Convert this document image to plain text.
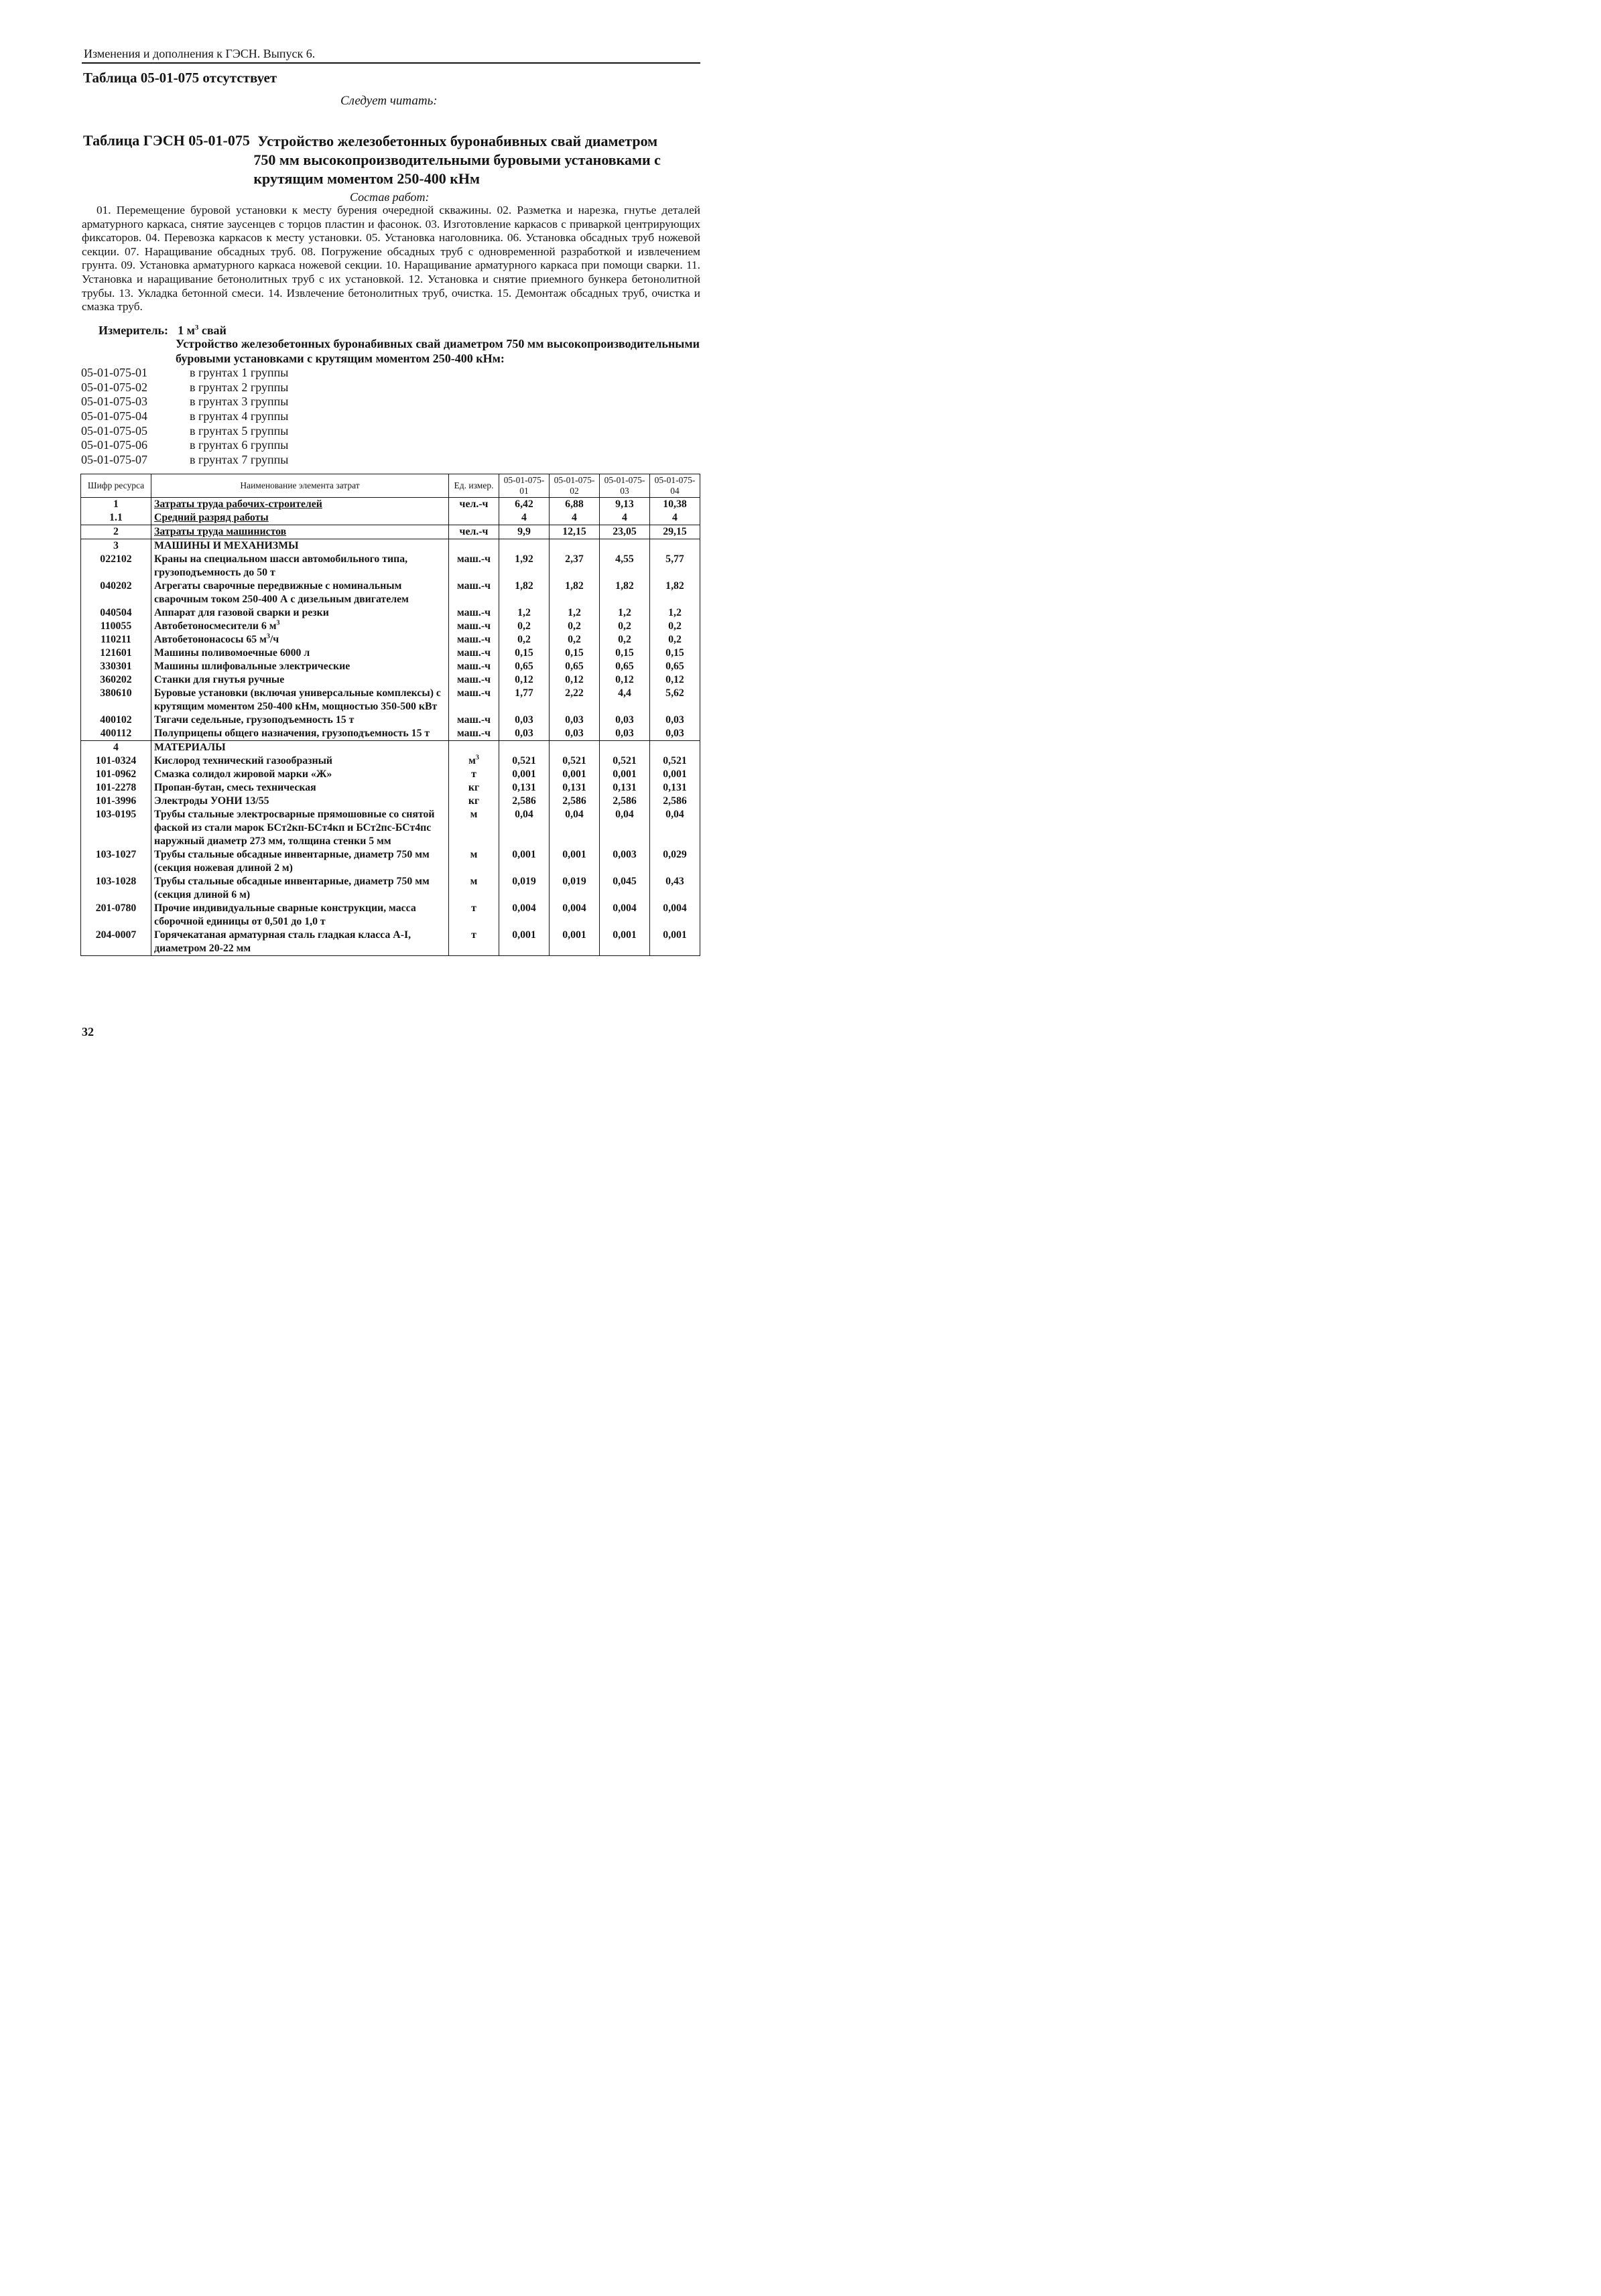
Изменения и дополнения к ГЭСН. Выпуск 6.
Таблица 05-01-075 отсутствует
Следует читать:
Таблица ГЭСН 05-01-075 Устройство железобетонных буронабивных свай диаметром
750 мм высокопроизводительными буровыми установками с
крутящим моментом 250-400 кНм
Состав работ:
01. Перемещение буровой установки к месту бурения очередной скважины. 02. Разметка и нарезка, гнутье деталей арматурного каркаса, снятие заусенцев с торцов пластин и фасонок. 03. Изготовление каркасов с приваркой центрирующих фиксаторов. 04. Перевозка каркасов к месту установки. 05. Установка наголовника. 06. Установка обсадных труб ножевой секции. 07. Наращивание обсадных труб. 08. Погружение обсадных труб с одновременной разработкой и извлечением грунта. 09. Установка арматурного каркаса ножевой секции. 10. Наращивание арматурного каркаса при помощи сварки. 11. Установка и наращивание бетонолитных труб с их установкой. 12. Установка и снятие приемного бункера бетонолитной трубы. 13. Укладка бетонной смеси. 14. Извлечение бетонолитных труб, очистка. 15. Демонтаж обсадных труб, очистка и смазка труб.
Измеритель: 1 $м^3$ свай
Устройство железобетонных буронабивных свай диаметром 750 мм высокопроизводительными буровыми установками с крутящим моментом 250-400 кНм:
05-01-075-01	в грунтах 1 группы
05-01-075-02	в грунтах 2 группы
05-01-075-03	в грунтах 3 группы
05-01-075-04	в грунтах 4 группы
05-01-075-05	в грунтах 5 группы
05-01-075-06	в грунтах 6 группы
05-01-075-07	в грунтах 7 группы
Шифр ресурса	Наименование элемента затрат	Ед. измер.	05-01-075-01	05-01-075-02	05-01-075-03	05-01-075-04
1	Затраты труда рабочих-строителей	чел.-ч	6,42	6,88	9,13	10,38
1.1	Средний разряд работы		4	4	4	4
2	Затраты труда машинистов	чел.-ч	9,9	12,15	23,05	29,15
3	МАШИНЫ И МЕХАНИЗМЫ					
022102	Краны на специальном шасси автомобильного типа, грузоподъемность до 50 т	маш.-ч	1,92	2,37	4,55	5,77
040202	Агрегаты сварочные передвижные с номинальным сварочным током 250-400 А с дизельным двигателем	маш.-ч	1,82	1,82	1,82	1,82
040504	Аппарат для газовой сварки и резки	маш.-ч	1,2	1,2	1,2	1,2
110055	Автобетоносмесители 6 $м^3$	маш.-ч	0,2	0,2	0,2	0,2
110211	Автобетононасосы 65 $м^3/ч$	маш.-ч	0,2	0,2	0,2	0,2
121601	Машины поливомоечные 6000 л	маш.-ч	0,15	0,15	0,15	0,15
330301	Машины шлифовальные электрические	маш.-ч	0,65	0,65	0,65	0,65
360202	Станки для гнутья ручные	маш.-ч	0,12	0,12	0,12	0,12
380610	Буровые установки (включая универсальные комплексы) с крутящим моментом 250-400 кНм, мощностью 350-500 кВт	маш.-ч	1,77	2,22	4,4	5,62
400102	Тягачи седельные, грузоподъемность 15 т	маш.-ч	0,03	0,03	0,03	0,03
400112	Полуприцепы общего назначения, грузоподъемность 15 т	маш.-ч	0,03	0,03	0,03	0,03
4	МАТЕРИАЛЫ					
101-0324	Кислород технический газообразный	$м^3$	0,521	0,521	0,521	0,521
101-0962	Смазка солидол жировой марки «Ж»	т	0,001	0,001	0,001	0,001
101-2278	Пропан-бутан, смесь техническая	кг	0,131	0,131	0,131	0,131
101-3996	Электроды УОНИ 13/55	кг	2,586	2,586	2,586	2,586
103-0195	Трубы стальные электросварные прямошовные со снятой фаской из стали марок БСт2кп-БСт4кп и БСт2пс-БСт4пс наружный диаметр 273 мм, толщина стенки 5 мм	м	0,04	0,04	0,04	0,04
103-1027	Трубы стальные обсадные инвентарные, диаметр 750 мм (секция ножевая длиной 2 м)	м	0,001	0,001	0,003	0,029
103-1028	Трубы стальные обсадные инвентарные, диаметр 750 мм (секция длиной 6 м)	м	0,019	0,019	0,045	0,43
201-0780	Прочие индивидуальные сварные конструкции, масса сборочной единицы от 0,501 до 1,0 т	т	0,004	0,004	0,004	0,004
204-0007	Горячекатаная арматурная сталь гладкая класса А-I, диаметром 20-22 мм	т	0,001	0,001	0,001	0,001
32
